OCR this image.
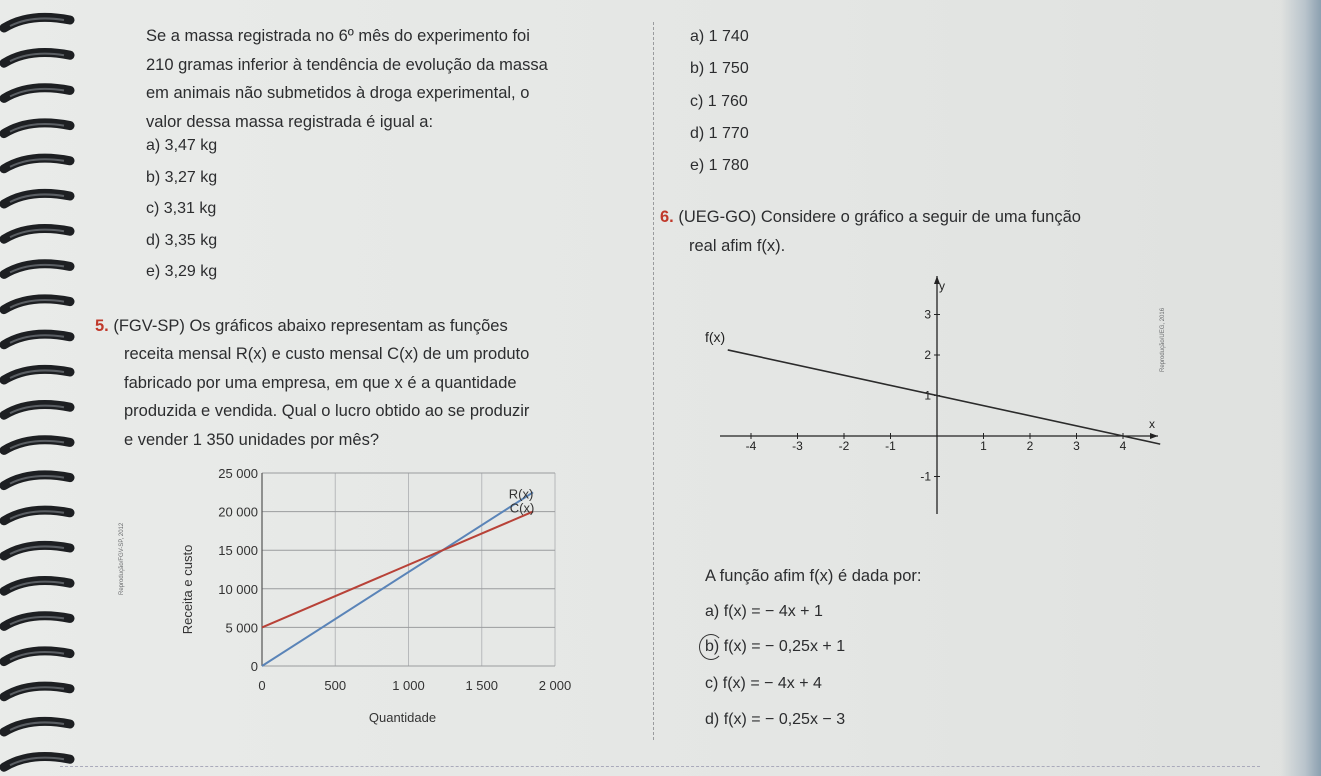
Se a massa registrada no 6º mês do experimento foi
210 gramas inferior à tendência de evolução da massa
em animais não submetidos à droga experimental, o
valor dessa massa registrada é igual a:
a) 3,47 kg
b) 3,27 kg
c) 3,31 kg
d) 3,35 kg
e) 3,29 kg
5. (FGV-SP) Os gráficos abaixo representam as funções
receita mensal R(x) e custo mensal C(x) de um produto
fabricado por uma empresa, em que x é a quantidade
produzida e vendida. Qual o lucro obtido ao se produzir
e vender 1 350 unidades por mês?
Reprodução/FGV-SP, 2012
0
5 000
10 000
15 000
20 000
25 000
0	500	1 000	1 500	2 000
Quantidade
Receita e custo
R(x)
C(x)
a) 1 740
b) 1 750
c) 1 760
d) 1 770
e) 1 780
6. (UEG-GO) Considere o gráfico a seguir de uma função
real afim f(x).
Reprodução/UEG, 2016
-4	-3	-2	-1	1	2	3	4
-1
1
2
3
x
y
f(x)
A função afim f(x) é dada por:
a) f(x) = − 4x + 1
b) f(x) = − 0,25x + 1
c) f(x) = − 4x + 4
d) f(x) = − 0,25x − 3
